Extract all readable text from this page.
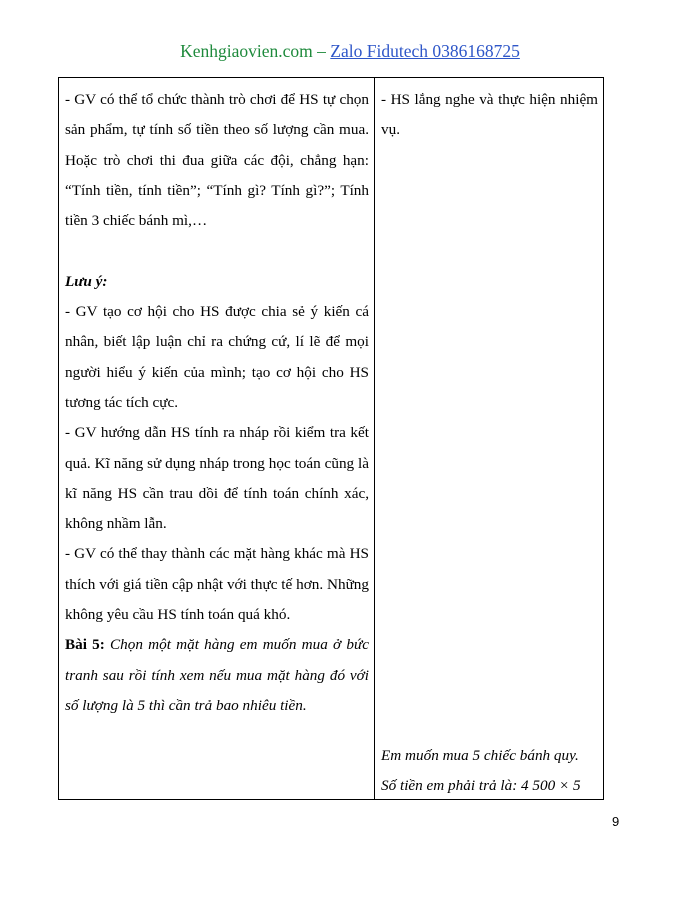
Kenhgiaovien.com – Zalo Fidutech 0386168725

- GV có thể tổ chức thành trò chơi để HS tự chọn sản phẩm, tự tính số tiền theo số lượng cần mua. Hoặc trò chơi thi đua giữa các đội, chẳng hạn: “Tính tiền, tính tiền”; “Tính gì? Tính gì?”; Tính tiền 3 chiếc bánh mì,…

Lưu ý:

- GV tạo cơ hội cho HS được chia sẻ ý kiến cá nhân, biết lập luận chỉ ra chứng cứ, lí lẽ để mọi người hiểu ý kiến của mình; tạo cơ hội cho HS tương tác tích cực.

- GV hướng dẫn HS tính ra nháp rồi kiểm tra kết quả. Kĩ năng sử dụng nháp trong học toán cũng là kĩ năng HS cần trau dồi để tính toán chính xác, không nhầm lẫn.

- GV có thể thay thành các mặt hàng khác mà HS thích với giá tiền cập nhật với thực tế hơn. Những không yêu cầu HS tính toán quá khó.

Bài 5: Chọn một mặt hàng em muốn mua ở bức tranh sau rồi tính xem nếu mua mặt hàng đó với số lượng là 5 thì cần trả bao nhiêu tiền.

- HS lắng nghe và thực hiện nhiệm vụ.

Em muốn mua 5 chiếc bánh quy.

Số tiền em phải trả là: 4 500 × 5

9
